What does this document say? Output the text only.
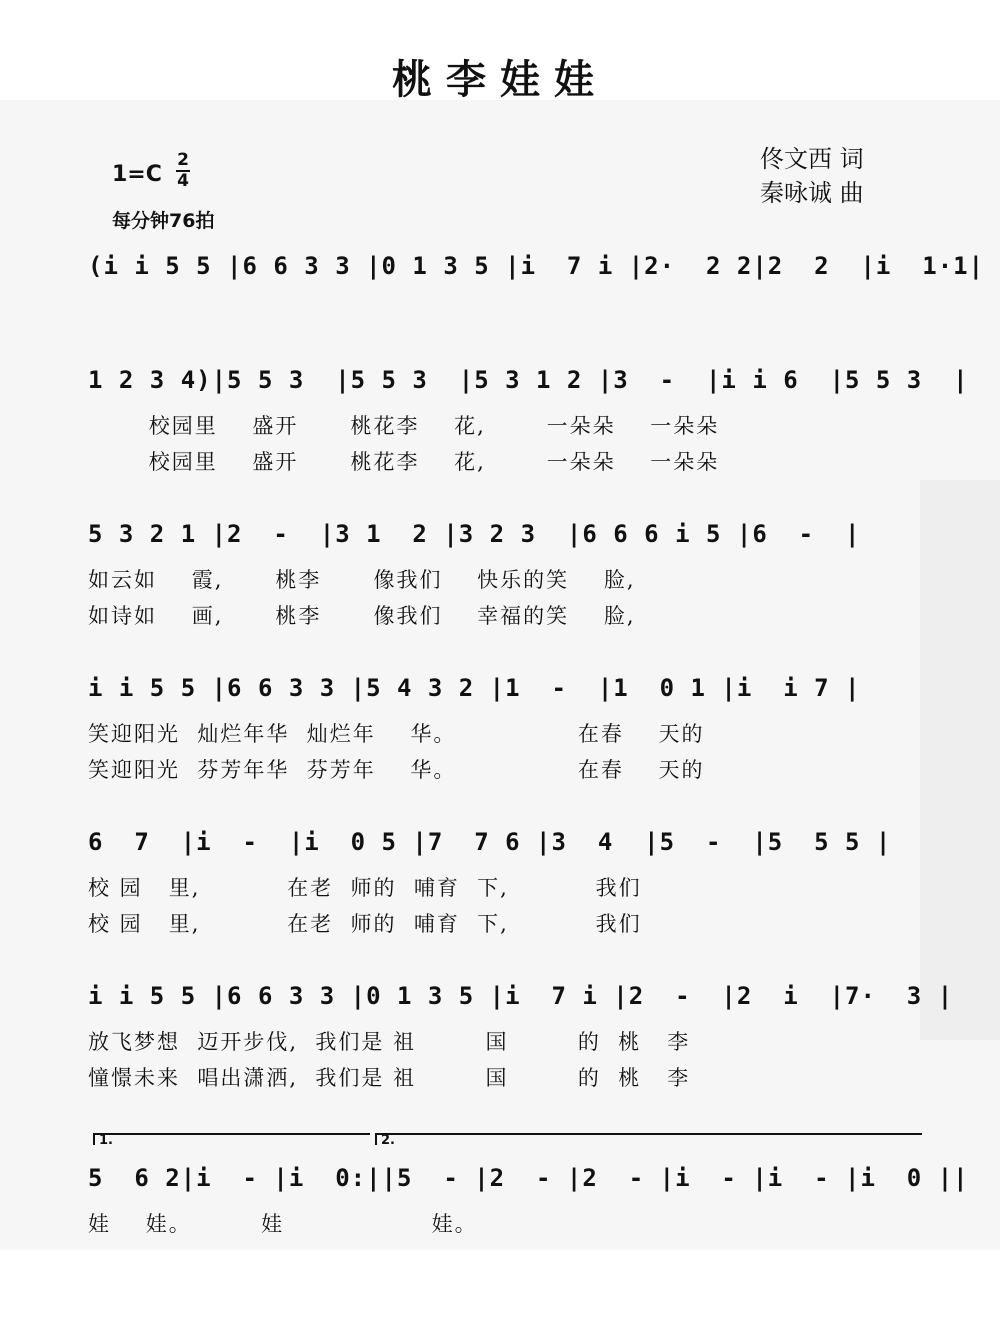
桃李娃娃
佟文西 词
秦咏诚 曲
1=C
2
4
每分钟76拍
(i i 5 5 |6 6 3 3 |0 1 3 5 |i  7 i |2·  2 2|2  2  |i  1·1|
1 2 3 4)|5 5 3  |5 5 3  |5 3 1 2 |3  -  |i i 6  |5 5 3  |
校园里    盛开      桃花李    花,       一朵朵    一朵朵
校园里    盛开      桃花李    花,       一朵朵    一朵朵
5 3 2 1 |2  -  |3 1  2 |3 2 3  |6 6 6 i 5 |6  -  |
如云如    霞,      桃李      像我们    快乐的笑    脸,
如诗如    画,      桃李      像我们    幸福的笑    脸,
i i 5 5 |6 6 3 3 |5 4 3 2 |1  -  |1  0 1 |i  i 7 |
笑迎阳光  灿烂年华  灿烂年    华。              在春    天的
笑迎阳光  芬芳年华  芬芳年    华。              在春    天的
6  7  |i  -  |i  0 5 |7  7 6 |3  4  |5  -  |5  5 5 |
校 园   里,          在老  师的  哺育  下,          我们
校 园   里,          在老  师的  哺育  下,          我们
i i 5 5 |6 6 3 3 |0 1 3 5 |i  7 i |2  -  |2  i  |7·  3 |
放飞梦想  迈开步伐,  我们是 祖        国        的  桃   李
憧憬未来  唱出潇洒,  我们是 祖        国        的  桃   李
1.	2.
5  6 2|i  - |i  0:||5  - |2  - |2  - |i  - |i  - |i  0 ||
娃    娃。        娃                 娃。
